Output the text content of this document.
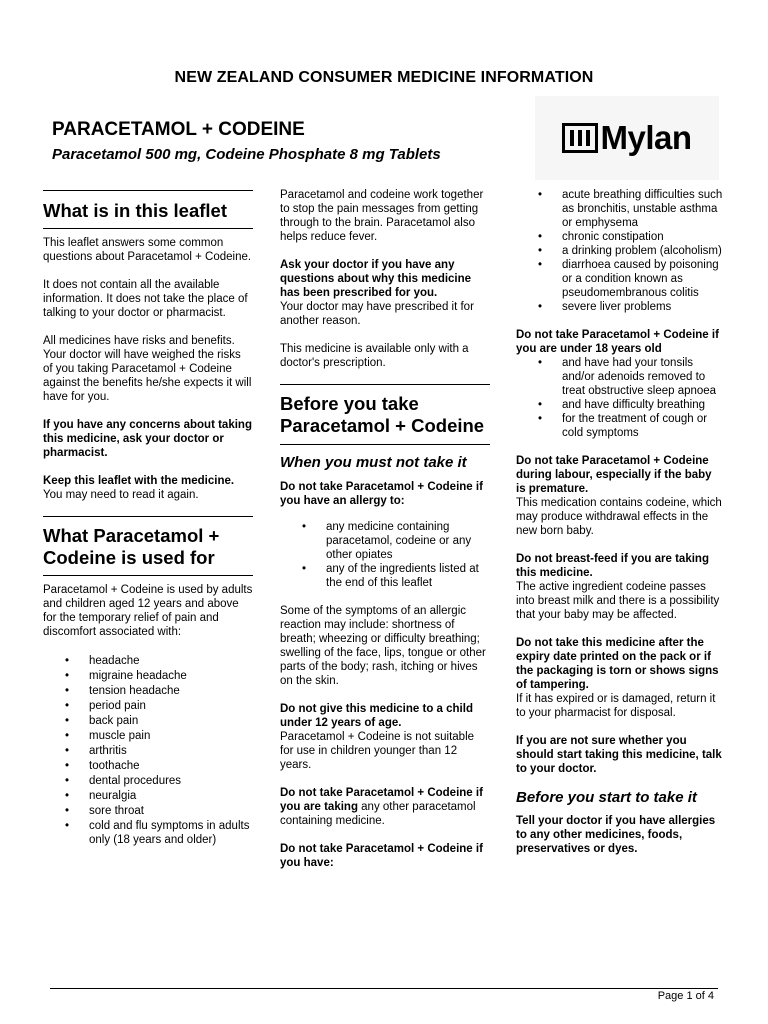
NEW ZEALAND CONSUMER MEDICINE INFORMATION
PARACETAMOL + CODEINE
Paracetamol 500 mg, Codeine Phosphate 8 mg Tablets	Mylan
What is in this leaflet

This leaflet answers some common questions about Paracetamol + Codeine.

It does not contain all the available information. It does not take the place of talking to your doctor or pharmacist.

All medicines have risks and benefits. Your doctor will have weighed the risks of you taking Paracetamol + Codeine against the benefits he/she expects it will have for you.

If you have any concerns about taking this medicine, ask your doctor or pharmacist.

Keep this leaflet with the medicine. You may need to read it again.

What Paracetamol + Codeine is used for

Paracetamol + Codeine is used by adults and children aged 12 years and above for the temporary relief of pain and discomfort associated with:

• headache
• migraine headache
• tension headache
• period pain
• back pain
• muscle pain
• arthritis
• toothache
• dental procedures
• neuralgia
• sore throat
• cold and flu symptoms in adults only (18 years and older)

Paracetamol and codeine work together to stop the pain messages from getting through to the brain. Paracetamol also helps reduce fever.

Ask your doctor if you have any questions about why this medicine has been prescribed for you.

Your doctor may have prescribed it for another reason.

This medicine is available only with a doctor's prescription.

Before you take Paracetamol + Codeine
When you must not take it

Do not take Paracetamol + Codeine if you have an allergy to:

• any medicine containing paracetamol, codeine or any other opiates
• any of the ingredients listed at the end of this leaflet

Some of the symptoms of an allergic reaction may include: shortness of breath; wheezing or difficulty breathing; swelling of the face, lips, tongue or other parts of the body; rash, itching or hives on the skin.

Do not give this medicine to a child under 12 years of age.

Paracetamol + Codeine is not suitable for use in children younger than 12 years.

Do not take Paracetamol + Codeine if you are taking any other paracetamol containing medicine.

Do not take Paracetamol + Codeine if you have:

• acute breathing difficulties such as bronchitis, unstable asthma or emphysema
• chronic constipation
• a drinking problem (alcoholism)
• diarrhoea caused by poisoning or a condition known as pseudomembranous colitis
• severe liver problems

Do not take Paracetamol + Codeine if you are under 18 years old

• and have had your tonsils and/or adenoids removed to treat obstructive sleep apnoea
• and have difficulty breathing
• for the treatment of cough or cold symptoms

Do not take Paracetamol + Codeine during labour, especially if the baby is premature.

This medication contains codeine, which may produce withdrawal effects in the new born baby.

Do not breast-feed if you are taking this medicine.

The active ingredient codeine passes into breast milk and there is a possibility that your baby may be affected.

Do not take this medicine after the expiry date printed on the pack or if the packaging is torn or shows signs of tampering.

If it has expired or is damaged, return it to your pharmacist for disposal.

If you are not sure whether you should start taking this medicine, talk to your doctor.

Before you start to take it

Tell your doctor if you have allergies to any other medicines, foods, preservatives or dyes.

Page 1 of 4
